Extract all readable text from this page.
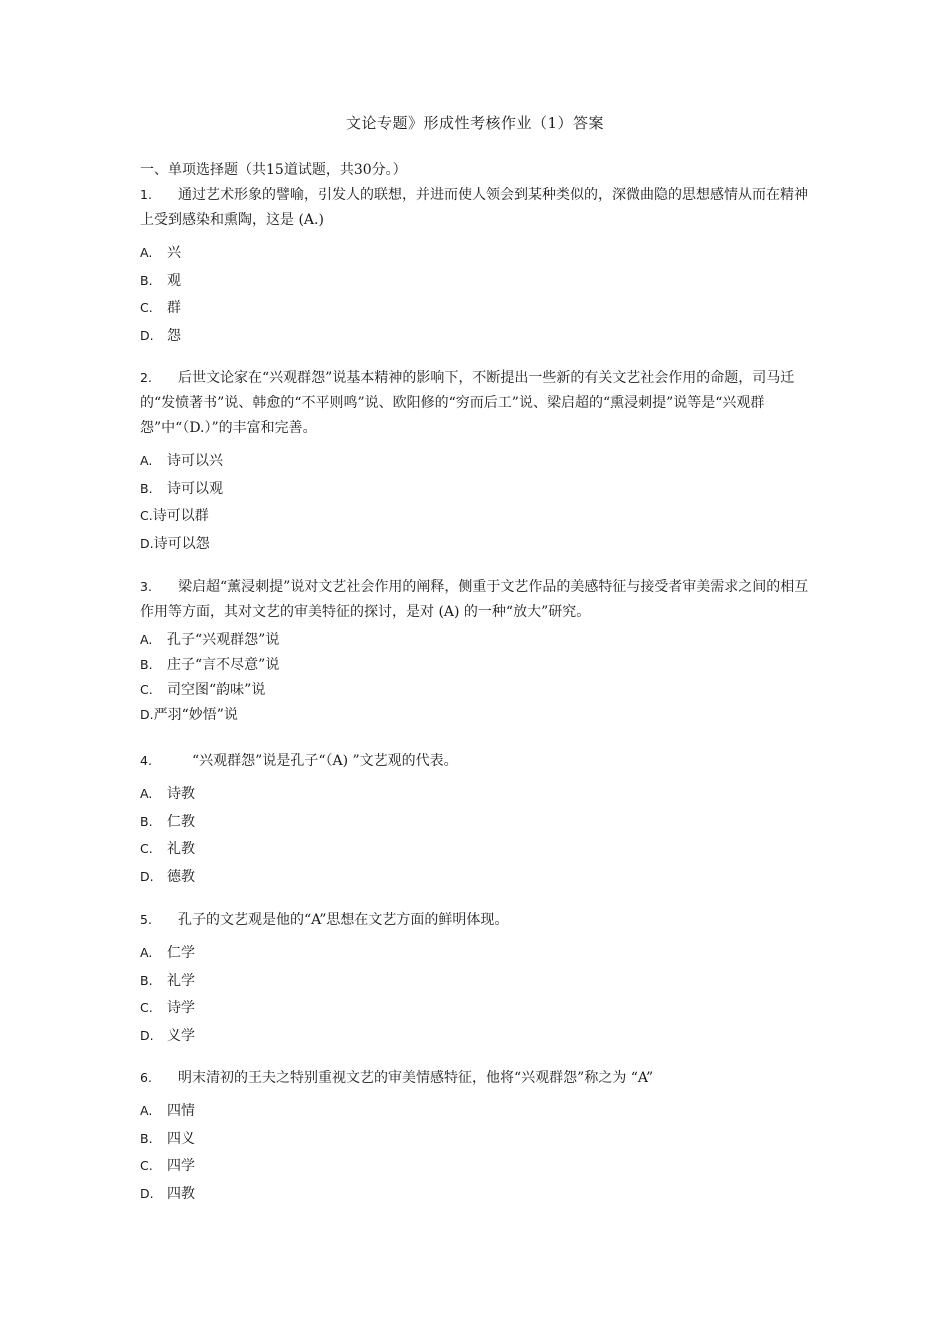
文论专题》形成性考核作业（1）答案
一、单项选择题（共15道试题，共30分。）

1. 通过艺术形象的譬喻，引发人的联想，并进而使人领会到某种类似的，深微曲隐的思想感情从而在精神上受到感染和熏陶，这是 (A.)

A. 兴
B. 观
C. 群
D. 怨

2. 后世文论家在“兴观群怨”说基本精神的影响下，不断提出一些新的有关文艺社会作用的命题，司马迁的“发愤著书”说、韩愈的“不平则鸣”说、欧阳修的“穷而后工”说、梁启超的“熏浸刺提”说等是“兴观群怨”中“（D.）”的丰富和完善。

A. 诗可以兴
B. 诗可以观
C.诗可以群
D.诗可以怨

3. 梁启超“薰浸刺提”说对文艺社会作用的阐释，侧重于文艺作品的美感特征与接受者审美需求之间的相互作用等方面，其对文艺的审美特征的探讨，是对 (A) 的一种“放大”研究。

A. 孔子“兴观群怨”说
B. 庄子“言不尽意”说
C. 司空图“韵味”说
D.严羽“妙悟”说

4.	“兴观群怨”说是孔子“（A) ”文艺观的代表。

A. 诗教
B. 仁教
C. 礼教
D. 德教

5. 孔子的文艺观是他的“A”思想在文艺方面的鲜明体现。

A. 仁学
B. 礼学
C. 诗学
D. 义学

6. 明末清初的王夫之特别重视文艺的审美情感特征，他将“兴观群怨”称之为 “A”

A. 四情
B. 四义
C. 四学
D. 四教
